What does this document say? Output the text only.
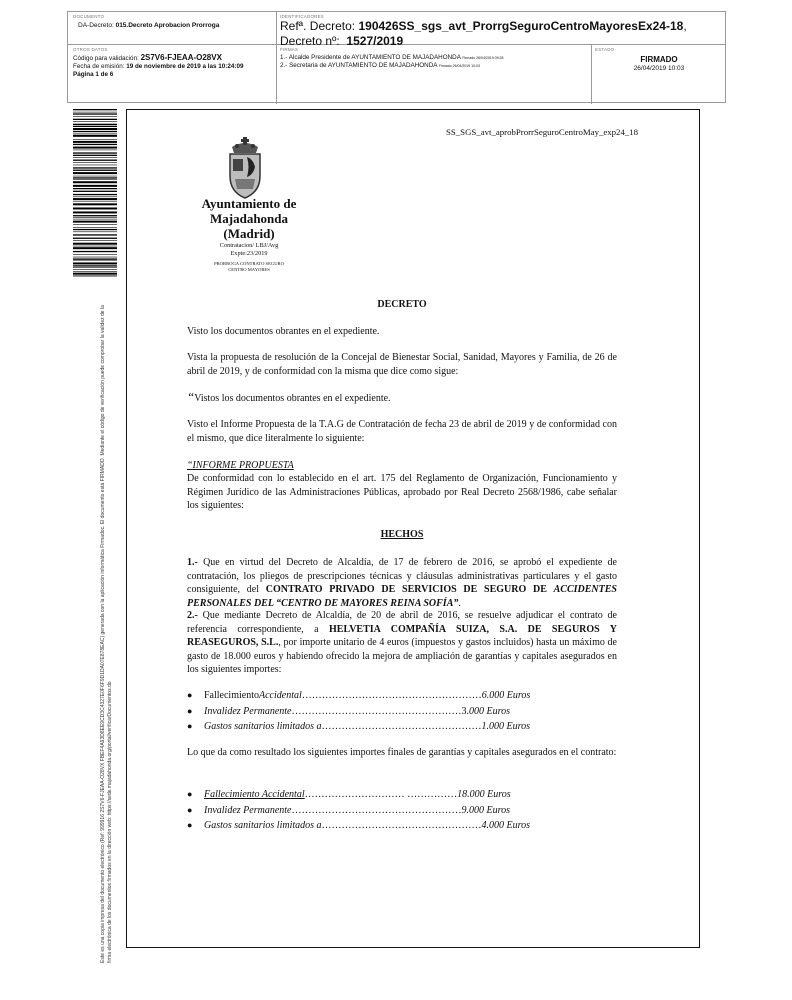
DOCUMENTO
DA-Decreto: 015.Decreto Aprobacion Prorroga
IDENTIFICADORES
Refª. Decreto: 190426SS_sgs_avt_ProrrgSeguroCentroMayoresEx24-18,
Decreto nº: 1527/2019
OTROS DATOS
Código para validación: 2S7V6-FJEAA-O28VX
Fecha de emisión: 19 de noviembre de 2019 a las 10:24:09
Página 1 de 6
FIRMAS
1.- Alcalde Presidente de AYUNTAMIENTO DE MAJADAHONDA Firmado 26/04/2019 09:28
2.- Secretaria de AYUNTAMIENTO DE MAJADAHONDA Firmado 26/04/2019 10:03
ESTADO
FIRMADO
26/04/2019 10:03
Este es una copia impresa del documento electrónico (Ref: 999916 2S7V6-FJEAA-O28VX FBEF4A93D8EE9CD3C4327E0F6F9D1DA07E878EAC) generada con la aplicación informática Firmadoc. El documento está FIRMADO. Mediante el código de verificación puede comprobar la validez de la firma electrónica de los documentos firmados en la dirección web: https://sede.majadahonda.org/portal/verificarDocumentos.do
SS_SGS_avt_aprobProrrSeguroCentroMay_exp24_18
Ayuntamiento de
Majadahonda
(Madrid)
Contratacion/ LBJ/Avg
Expte:23/2019
PRORROGA CONTRATO SEGURO
CENTRO MAYORES
DECRETO
Visto los documentos obrantes en el expediente.
Vista la propuesta de resolución de la Concejal de Bienestar Social, Sanidad, Mayores y Familia, de 26 de abril de 2019, y de conformidad con la misma que dice como sigue:
“Vistos los documentos obrantes en el expediente.
Visto el Informe Propuesta de la T.A.G de Contratación de fecha 23 de abril de 2019 y de conformidad con el mismo, que dice literalmente lo siguiente:
“INFORME PROPUESTA
De conformidad con lo establecido en el art. 175 del Reglamento de Organización, Funcionamiento y Régimen Jurídico de las Administraciones Públicas, aprobado por Real Decreto 2568/1986, cabe señalar los siguientes:
HECHOS
1.- Que en virtud del Decreto de Alcaldía, de 17 de febrero de 2016, se aprobó el expediente de contratación, los pliegos de prescripciones técnicas y cláusulas administrativas particulares y el gasto consiguiente, del CONTRATO PRIVADO DE SERVICIOS DE SEGURO DE ACCIDENTES PERSONALES DEL “CENTRO DE MAYORES REINA SOFÍA”.
2.- Que mediante Decreto de Alcaldía, de 20 de abril de 2016, se resuelve adjudicar el contrato de referencia correspondiente, a HELVETIA COMPAÑÍA SUIZA, S.A. DE SEGUROS Y REASEGUROS, S.L., por importe unitario de 4 euros (impuestos y gastos incluidos) hasta un máximo de gasto de 18.000 euros y habiendo ofrecido la mejora de ampliación de garantías y capitales asegurados en los siguientes importes:
●	Fallecimiento Accidental ……………………………………………… 6.000 Euros
●	Invalidez Permanente ……………………………………………3. 000 Euros
●	Gastos sanitarios limitados a ………………………………………… 1.000 Euros
Lo que da como resultado los siguientes importes finales de garantías y capitales asegurados en el contrato:
●	Fallecimiento Accidental ………………………… …………… 18.000 Euros
●	Invalidez Permanente …………………………………………… 9.000 Euros
●	Gastos sanitarios limitados a ………………………………………… 4.000 Euros
